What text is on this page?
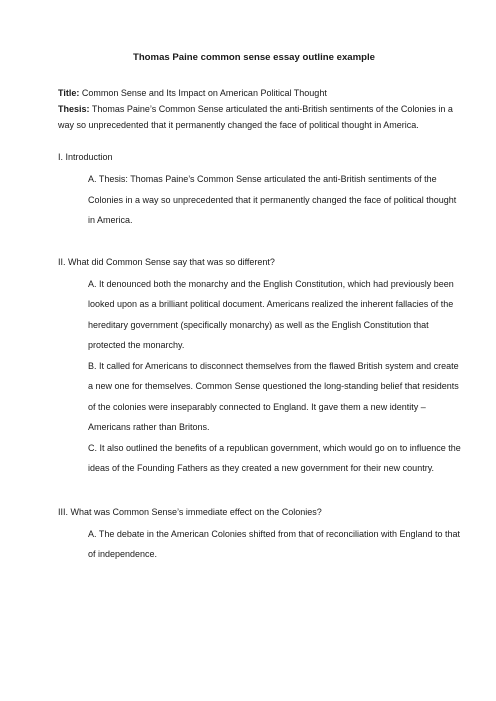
Thomas Paine common sense essay outline example

Title: Common Sense and Its Impact on American Political Thought

Thesis: Thomas Paine’s Common Sense articulated the anti-British sentiments of the Colonies in a way so unprecedented that it permanently changed the face of political thought in America.

I. Introduction

A. Thesis: Thomas Paine’s Common Sense articulated the anti-British sentiments of the Colonies in a way so unprecedented that it permanently changed the face of political thought in America.

II. What did Common Sense say that was so different?

A. It denounced both the monarchy and the English Constitution, which had previously been looked upon as a brilliant political document. Americans realized the inherent fallacies of the hereditary government (specifically monarchy) as well as the English Constitution that protected the monarchy.

B. It called for Americans to disconnect themselves from the flawed British system and create a new one for themselves. Common Sense questioned the long-standing belief that residents of the colonies were inseparably connected to England. It gave them a new identity – Americans rather than Britons.

C. It also outlined the benefits of a republican government, which would go on to influence the ideas of the Founding Fathers as they created a new government for their new country.

III. What was Common Sense’s immediate effect on the Colonies?

A. The debate in the American Colonies shifted from that of reconciliation with England to that of independence.
